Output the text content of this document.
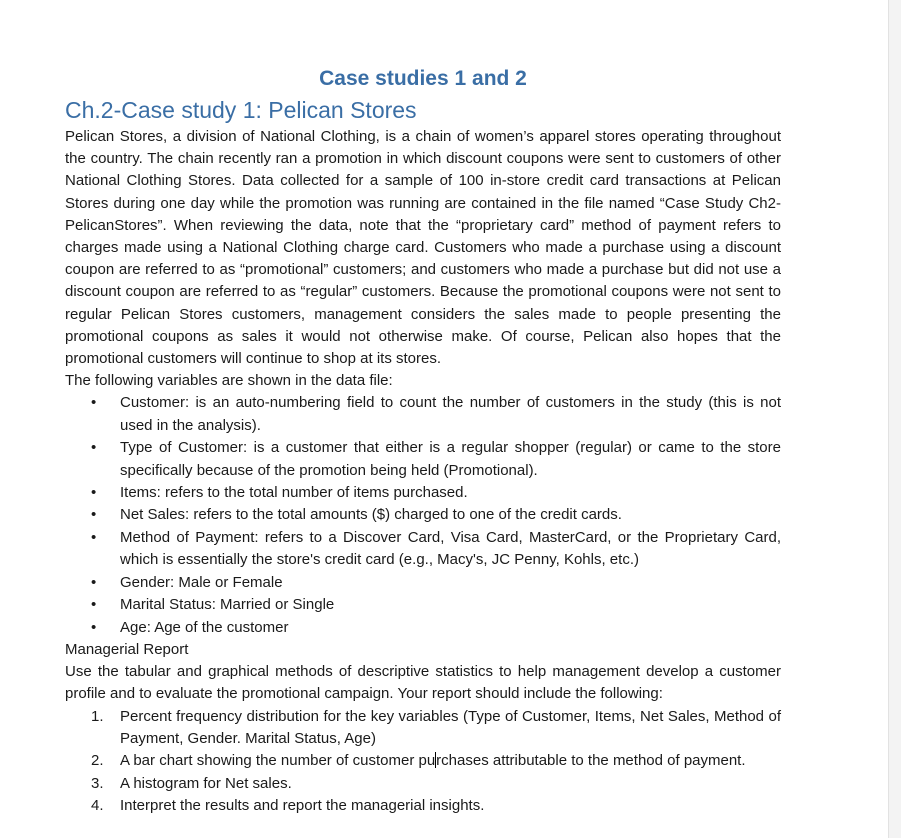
Case studies 1 and 2
Ch.2-Case study 1: Pelican Stores

Pelican Stores, a division of National Clothing, is a chain of women’s apparel stores operating throughout the country. The chain recently ran a promotion in which discount coupons were sent to customers of other National Clothing Stores. Data collected for a sample of 100 in-store credit card transactions at Pelican Stores during one day while the promotion was running are contained in the file named “Case Study Ch2-PelicanStores”. When reviewing the data, note that the “proprietary card” method of payment refers to charges made using a National Clothing charge card. Customers who made a purchase using a discount coupon are referred to as “promotional” customers; and customers who made a purchase but did not use a discount coupon are referred to as “regular” customers. Because the promotional coupons were not sent to regular Pelican Stores customers, management considers the sales made to people presenting the promotional coupons as sales it would not otherwise make. Of course, Pelican also hopes that the promotional customers will continue to shop at its stores.

The following variables are shown in the data file:

• Customer: is an auto-numbering field to count the number of customers in the study (this is not used in the analysis).
• Type of Customer: is a customer that either is a regular shopper (regular) or came to the store specifically because of the promotion being held (Promotional).
• Items: refers to the total number of items purchased.
• Net Sales: refers to the total amounts ($) charged to one of the credit cards.
• Method of Payment: refers to a Discover Card, Visa Card, MasterCard, or the Proprietary Card, which is essentially the store's credit card (e.g., Macy's, JC Penny, Kohls, etc.)
• Gender: Male or Female
• Marital Status: Married or Single
• Age: Age of the customer

Managerial Report

Use the tabular and graphical methods of descriptive statistics to help management develop a customer profile and to evaluate the promotional campaign. Your report should include the following:

1. Percent frequency distribution for the key variables (Type of Customer, Items, Net Sales, Method of Payment, Gender. Marital Status, Age)
2. A bar chart showing the number of customer purchases attributable to the method of payment.
3. A histogram for Net sales.
4. Interpret the results and report the managerial insights.
